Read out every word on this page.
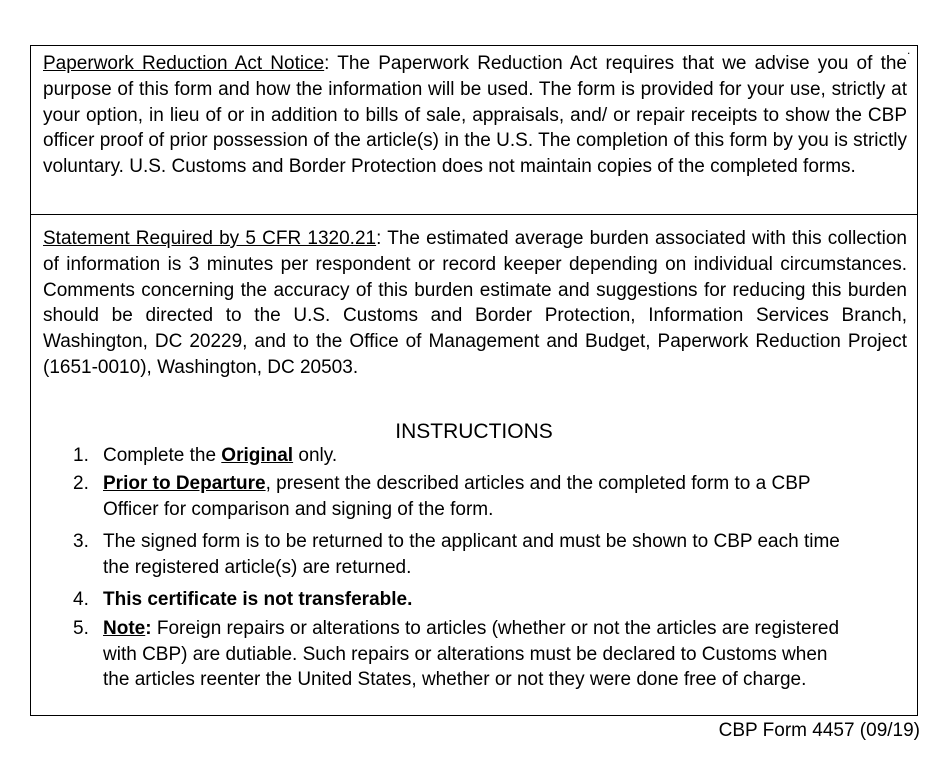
Paperwork Reduction Act Notice: The Paperwork Reduction Act requires that we advise you of the purpose of this form and how the information will be used. The form is provided for your use, strictly at your option, in lieu of or in addition to bills of sale, appraisals, and/ or repair receipts to show the CBP officer proof of prior possession of the article(s) in the U.S. The completion of this form by you is strictly voluntary. U.S. Customs and Border Protection does not maintain copies of the completed forms.
Statement Required by 5 CFR 1320.21: The estimated average burden associated with this collection of information is 3 minutes per respondent or record keeper depending on individual circumstances. Comments concerning the accuracy of this burden estimate and suggestions for reducing this burden should be directed to the U.S. Customs and Border Protection, Information Services Branch, Washington, DC 20229, and to the Office of Management and Budget, Paperwork Reduction Project (1651-0010), Washington, DC 20503.
INSTRUCTIONS
1. Complete the Original only.
2. Prior to Departure, present the described articles and the completed form to a CBP Officer for comparison and signing of the form.
3. The signed form is to be returned to the applicant and must be shown to CBP each time the registered article(s) are returned.
4. This certificate is not transferable.
5. Note: Foreign repairs or alterations to articles (whether or not the articles are registered with CBP) are dutiable. Such repairs or alterations must be declared to Customs when the articles reenter the United States, whether or not they were done free of charge.
.
CBP Form 4457 (09/19)
